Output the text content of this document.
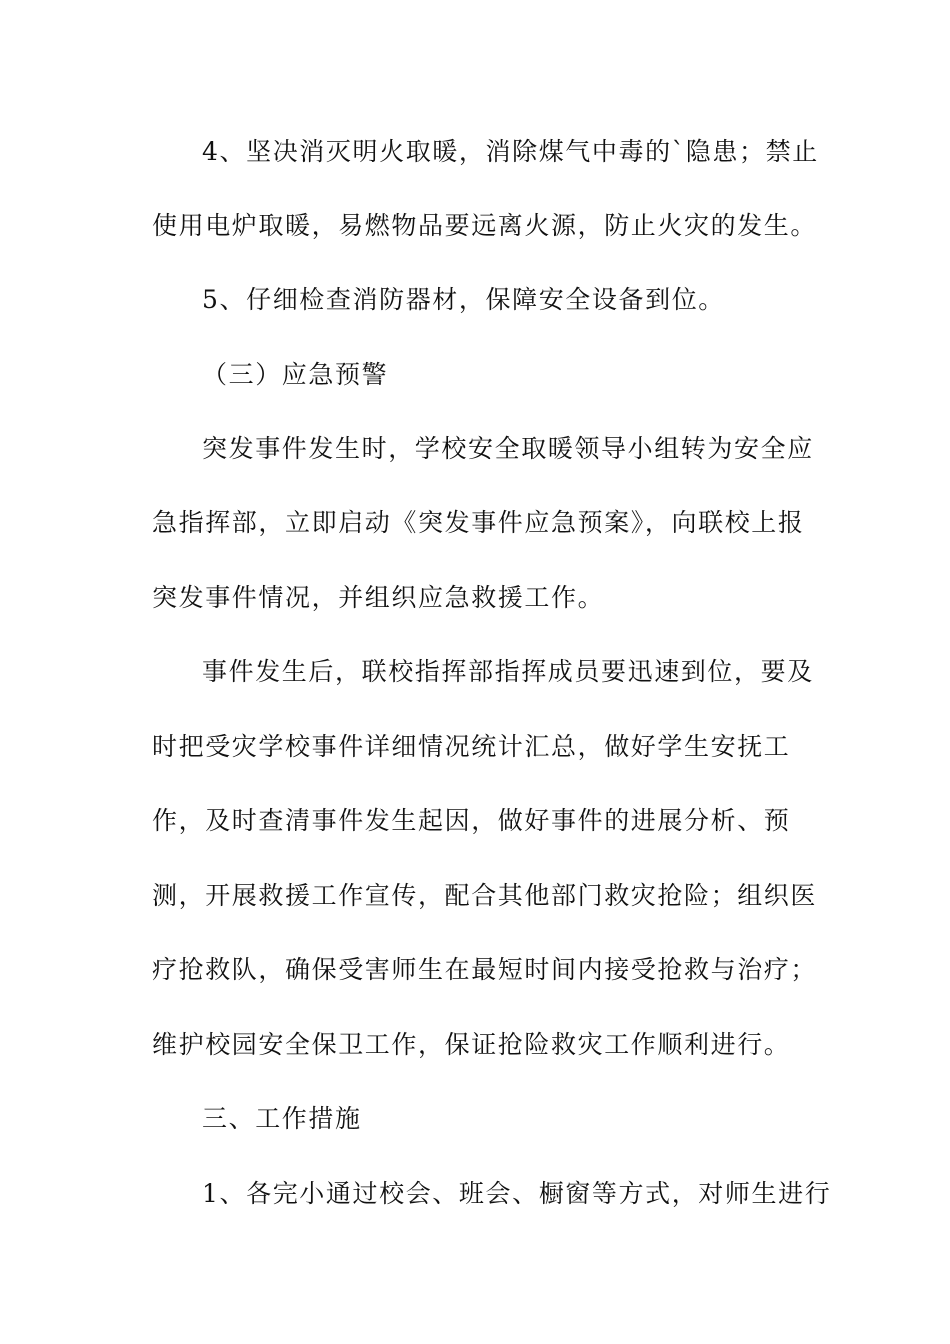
4、坚决消灭明火取暖，消除煤气中毒的`隐患；禁止
使用电炉取暖，易燃物品要远离火源，防止火灾的发生。
5、仔细检查消防器材，保障安全设备到位。
（三）应急预警
突发事件发生时，学校安全取暖领导小组转为安全应
急指挥部，立即启动《突发事件应急预案》，向联校上报
突发事件情况，并组织应急救援工作。
事件发生后，联校指挥部指挥成员要迅速到位，要及
时把受灾学校事件详细情况统计汇总，做好学生安抚工
作，及时查清事件发生起因，做好事件的进展分析、预
测，开展救援工作宣传，配合其他部门救灾抢险；组织医
疗抢救队，确保受害师生在最短时间内接受抢救与治疗；
维护校园安全保卫工作，保证抢险救灾工作顺利进行。
三、工作措施
1、各完小通过校会、班会、橱窗等方式，对师生进行
